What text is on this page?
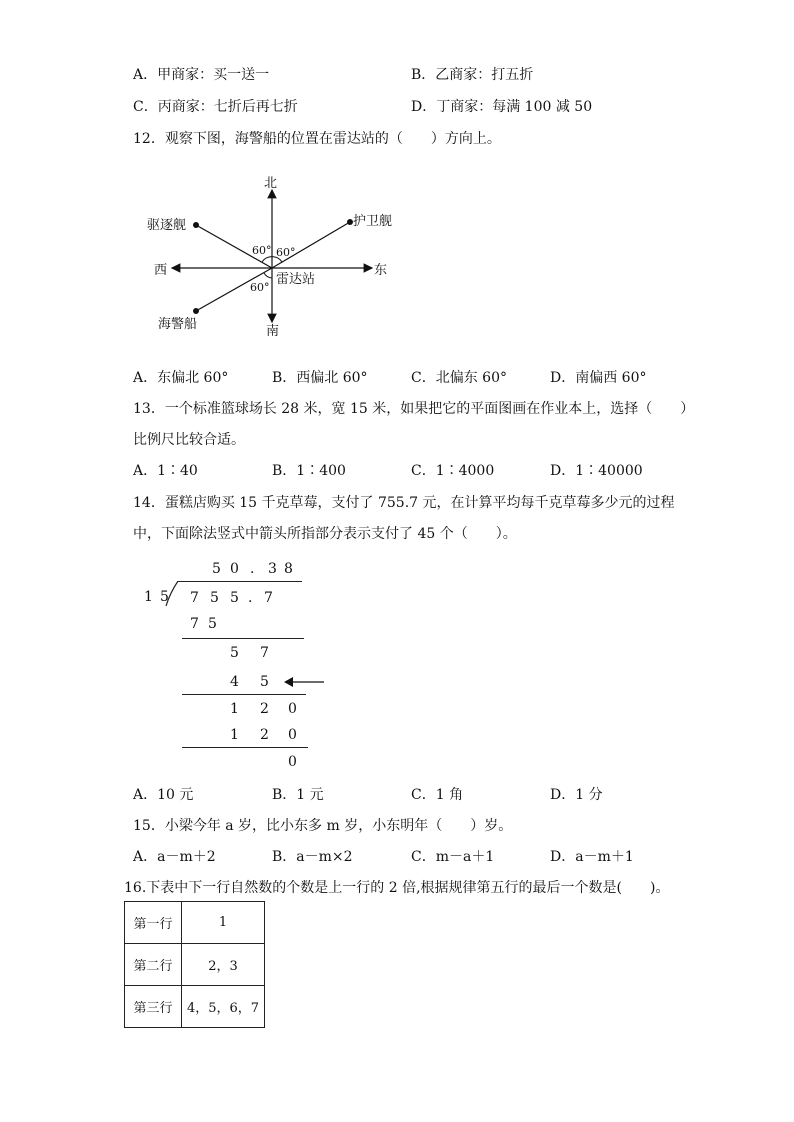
A．甲商家：买一送一	B．乙商家：打五折
C．丙商家：七折后再七折	D．丁商家：每满 100 减 50
12．观察下图，海警船的位置在雷达站的（　　）方向上。
北
南
东
西
驱逐舰	护卫舰
雷达站
海警船
60° 60°
60°
A．东偏北 60°	B．西偏北 60°	C．北偏东 60°	D．南偏西 60°
13．一个标准篮球场长 28 米，宽 15 米，如果把它的平面图画在作业本上，选择（　　）
比例尺比较合适。
A．1∶40	B．1∶400	C．1∶4000	D．1∶40000
14．蛋糕店购买 15 千克草莓，支付了 755.7 元，在计算平均每千克草莓多少元的过程
中，下面除法竖式中箭头所指部分表示支付了 45 个（　　）。
5 0 . 3 8
1 5 7 5 5 . 7
7 5
5 7
4 5
1 2 0
1 2 0
0
A．10 元	B．1 元	C．1 角	D．1 分
15．小梁今年 a 岁，比小东多 m 岁，小东明年（　　）岁。
A．a－m＋2	B．a－m×2	C．m－a＋1	D．a－m＋1
16.下表中下一行自然数的个数是上一行的 2 倍,根据规律第五行的最后一个数是(　　)。
第一行	1
第二行	2，3
第三行	4，5，6，7
